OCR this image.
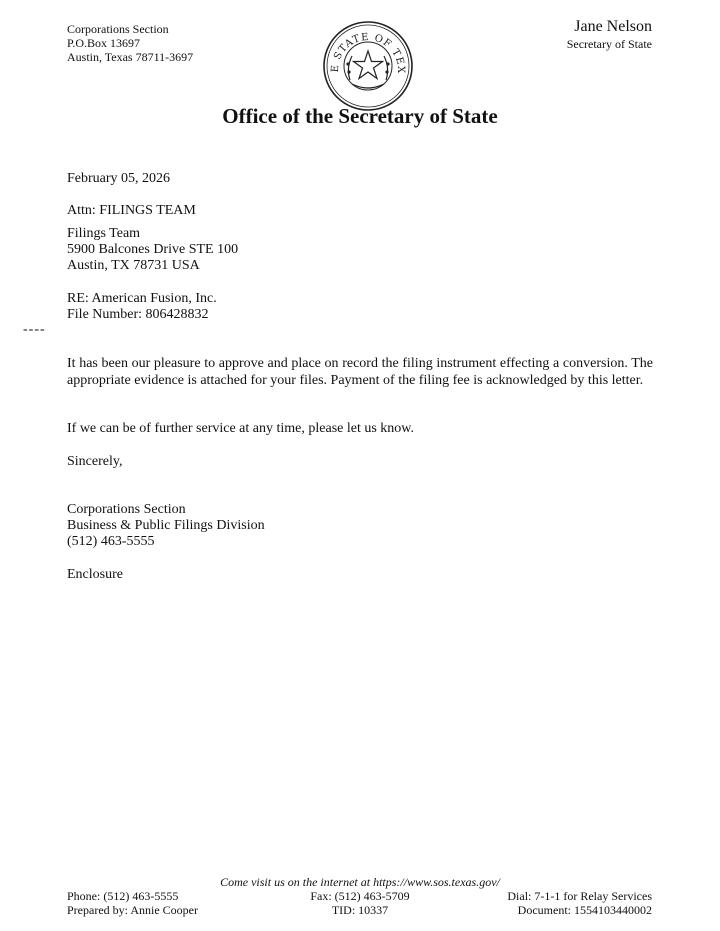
Corporations Section
P.O.Box 13697
Austin, Texas 78711-3697
E STATE OF TEX
Jane Nelson
Secretary of State
Office of the Secretary of State
February 05, 2026
Attn: FILINGS TEAM
Filings Team
5900 Balcones Drive STE 100
Austin, TX 78731 USA
RE: American Fusion, Inc.
File Number: 806428832
----
It has been our pleasure to approve and place on record the filing instrument effecting a conversion. The appropriate evidence is attached for your files. Payment of the filing fee is acknowledged by this letter.
If we can be of further service at any time, please let us know.
Sincerely,
Corporations Section
Business & Public Filings Division
(512) 463-5555
Enclosure
Come visit us on the internet at https://www.sos.texas.gov/
Phone: (512) 463-5555
Prepared by: Annie Cooper
Fax: (512) 463-5709
TID: 10337
Dial: 7-1-1 for Relay Services
Document: 1554103440002
